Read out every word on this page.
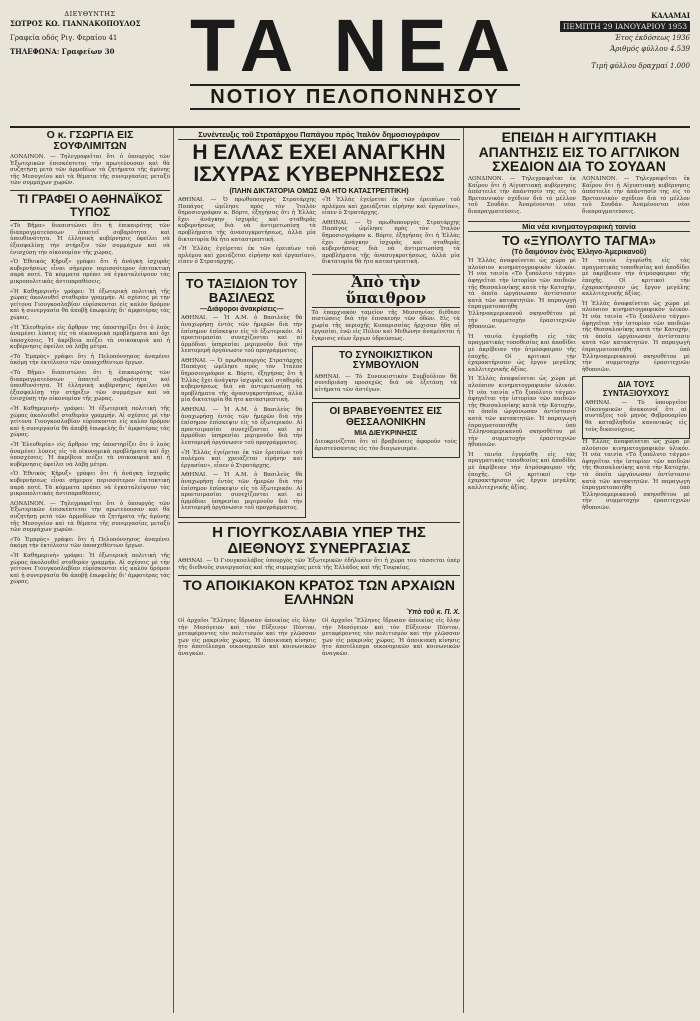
ΔΙΕΥΘΥΝΤΗΣ
ΣΩΤΡΟΣ ΚΩ. ΓΙΑΝΝΑΚΟΠΟΥΛΟΣ
Γραφεία οδός Ριγ. Φεραίου 41
ΤΗΛΕΦΩΝΑ: Γραφείων 30	ΤΑ ΝΕΑ
ΝΟΤΙΟΥ ΠΕΛΟΠΟΝΝΗΣΟΥ
ΚΑΛΑΜΑΙ
ΠΕΜΠΤΗ 29 ΙΑΝΟΥΑΡΙΟΥ 1953
Έτος έκδόσεως 1936
Άριθμός φύλλου 4.539
Τιμή φύλλου δραχμαί 1.000
Ο κ. ΓΣΩΡΓΙΑ ΕΙΣ ΣΟΥΦΛΙΜΙΤΩΝ

ΛΟΝΔΙΝΟΝ. — Τηλεγραφεῖται ὅτι ὁ ὑπουργὸς τῶν Ἐξωτερικῶν ἐπισκέπτεται τὴν πρωτεύουσαν καὶ θὰ συζητήσῃ μετὰ τῶν ἁρμοδίων τὰ ζητήματα τῆς ἀμύνης τῆς Μεσογείου καὶ τὰ θέματα τῆς συνεργασίας μεταξὺ τῶν συμμάχων χωρῶν.

ΤΙ ΓΡΑΦΕΙ Ο ΑΘΗΝΑΪΚΟΣ ΤΥΠΟΣ

«Τὸ Βῆμα» διαπιστώνει ὅτι ἡ ἐπικαιρότης τῶν διαπραγματεύσεων ἀπαιτεῖ σοβαρότητα καὶ ὑπευθυνότητα. Ἡ ἑλληνικὴ κυβέρνησις ὀφείλει νὰ ἐξασφαλίσῃ τὴν στήριξιν τῶν συμμάχων καὶ νὰ ἐνισχύσῃ τὴν οἰκονομίαν τῆς χώρας.

«Ὁ Ἐθνικὸς Κῆρυξ» γράφει ὅτι ἡ ἀνάγκη ἰσχυρᾶς κυβερνήσεως εἶναι σήμερον περισσότερον ἐπιτακτικὴ παρὰ ποτέ. Τὰ κόμματα πρέπει νὰ ἐγκαταλείψουν τὰς μικροπολιτικὰς ἀντιπαραθέσεις.

«Ἡ Καθημερινὴ» γράφει: Ἡ ἐξωτερικὴ πολιτικὴ τῆς χώρας ἀκολουθεῖ σταθερὰν γραμμήν. Αἱ σχέσεις μὲ τὴν γείτονα Γιουγκοσλαβίαν εὑρίσκονται εἰς καλὸν δρόμον καὶ ἡ συνεργασία θὰ ἀποβῇ ἐπωφελὴς δι' ἀμφοτέρας τὰς χώρας.

«Ἡ Ἐλευθερία» εἰς ἄρθρον της ὑποστηρίζει ὅτι ὁ λαὸς ἀναμένει λύσεις εἰς τὰ οἰκονομικὰ προβλήματα καὶ ὄχι ὑποσχέσεις. Ἡ ἀκρίβεια πιέζει τὰ νοικοκυριὰ καὶ ἡ κυβέρνησις ὀφείλει νὰ λάβῃ μέτρα.

«Τὸ Ἐμπρὸς» γράφει ὅτι ἡ Πελοπόννησος ἀναμένει ἀκόμη τὴν ἐκτέλεσιν τῶν ὑποσχεθέντων ἔργων.

«Τὸ Βῆμα» διαπιστώνει ὅτι ἡ ἐπικαιρότης τῶν διαπραγματεύσεων ἀπαιτεῖ σοβαρότητα καὶ ὑπευθυνότητα. Ἡ ἑλληνικὴ κυβέρνησις ὀφείλει νὰ ἐξασφαλίσῃ τὴν στήριξιν τῶν συμμάχων καὶ νὰ ἐνισχύσῃ τὴν οἰκονομίαν τῆς χώρας.

«Ἡ Καθημερινὴ» γράφει: Ἡ ἐξωτερικὴ πολιτικὴ τῆς χώρας ἀκολουθεῖ σταθερὰν γραμμήν. Αἱ σχέσεις μὲ τὴν γείτονα Γιουγκοσλαβίαν εὑρίσκονται εἰς καλὸν δρόμον καὶ ἡ συνεργασία θὰ ἀποβῇ ἐπωφελὴς δι' ἀμφοτέρας τὰς χώρας.

«Ἡ Ἐλευθερία» εἰς ἄρθρον της ὑποστηρίζει ὅτι ὁ λαὸς ἀναμένει λύσεις εἰς τὰ οἰκονομικὰ προβλήματα καὶ ὄχι ὑποσχέσεις. Ἡ ἀκρίβεια πιέζει τὰ νοικοκυριὰ καὶ ἡ κυβέρνησις ὀφείλει νὰ λάβῃ μέτρα.

«Ὁ Ἐθνικὸς Κῆρυξ» γράφει ὅτι ἡ ἀνάγκη ἰσχυρᾶς κυβερνήσεως εἶναι σήμερον περισσότερον ἐπιτακτικὴ παρὰ ποτέ. Τὰ κόμματα πρέπει νὰ ἐγκαταλείψουν τὰς μικροπολιτικὰς ἀντιπαραθέσεις.

ΛΟΝΔΙΝΟΝ. — Τηλεγραφεῖται ὅτι ὁ ὑπουργὸς τῶν Ἐξωτερικῶν ἐπισκέπτεται τὴν πρωτεύουσαν καὶ θὰ συζητήσῃ μετὰ τῶν ἁρμοδίων τὰ ζητήματα τῆς ἀμύνης τῆς Μεσογείου καὶ τὰ θέματα τῆς συνεργασίας μεταξὺ τῶν συμμάχων χωρῶν.

«Τὸ Ἐμπρὸς» γράφει ὅτι ἡ Πελοπόννησος ἀναμένει ἀκόμη τὴν ἐκτέλεσιν τῶν ὑποσχεθέντων ἔργων.

«Ἡ Καθημερινὴ» γράφει: Ἡ ἐξωτερικὴ πολιτικὴ τῆς χώρας ἀκολουθεῖ σταθερὰν γραμμήν. Αἱ σχέσεις μὲ τὴν γείτονα Γιουγκοσλαβίαν εὑρίσκονται εἰς καλὸν δρόμον καὶ ἡ συνεργασία θὰ ἀποβῇ ἐπωφελὴς δι' ἀμφοτέρας τὰς χώρας.

Συνέντευξις τοῦ Στρατάρχου Παπάγου πρὸς Ἰταλὸν δημοσιογράφον
Η ΕΛΛΑΣ ΕΧΕΙ ΑΝΑΓΚΗΝ ΙΣΧΥΡΑΣ ΚΥΒΕΡΝΗΣΕΩΣ
(ΠΛΗΝ ΔΙΚΤΑΤΟΡΙΑ ΟΜΩΣ ΘΑ ΗΤΟ ΚΑΤΑΣΤΡΕΠΤΙΚΗ)

ΑΘΗΝΑΙ. — Ὁ πρωθυπουργὸς Στρατάρχης Παπάγος ὡμίλησε πρὸς τὸν Ἰταλὸν δημοσιογράφον κ. Βόρτε, ἐξηγήσας ὅτι ἡ Ἑλλὰς ἔχει ἀνάγκην ἰσχυρᾶς καὶ σταθερᾶς κυβερνήσεως διὰ νὰ ἀντιμετωπίσῃ τὰ προβλήματα τῆς ἀνασυγκροτήσεως, ἀλλὰ μία δικτατορία θὰ ἦτο καταστρεπτική.

«Ἡ Ἑλλὰς ἐγείρεται ἐκ τῶν ἐρειπίων τοῦ πολέμου καὶ χρειάζεται εἰρήνην καὶ ἐργασίαν», εἶπεν ὁ Στρατάρχης.

«Ἡ Ἑλλὰς ἐγείρεται ἐκ τῶν ἐρειπίων τοῦ πολέμου καὶ χρειάζεται εἰρήνην καὶ ἐργασίαν», εἶπεν ὁ Στρατάρχης.

ΑΘΗΝΑΙ. — Ὁ πρωθυπουργὸς Στρατάρχης Παπάγος ὡμίλησε πρὸς τὸν Ἰταλὸν δημοσιογράφον κ. Βόρτε, ἐξηγήσας ὅτι ἡ Ἑλλὰς ἔχει ἀνάγκην ἰσχυρᾶς καὶ σταθερᾶς κυβερνήσεως διὰ νὰ ἀντιμετωπίσῃ τὰ προβλήματα τῆς ἀνασυγκροτήσεως, ἀλλὰ μία δικτατορία θὰ ἦτο καταστρεπτική.

ΤΟ ΤΑΞΙΔΙΟΝ ΤΟΥ ΒΑΣΙΛΕΩΣ
—Διάφοροι ἀνακρίσεις—

ΑΘΗΝΑΙ. — Ἡ Α.Μ. ὁ Βασιλεὺς θὰ ἀναχωρήσῃ ἐντὸς τῶν ἡμερῶν διὰ τὴν ἐπίσημον ἐπίσκεψιν εἰς τὸ ἐξωτερικόν. Αἱ προετοιμασίαι συνεχίζονται καὶ αἱ ἀρμόδιαι ὑπηρεσίαι μεριμνοῦν διὰ τὴν λεπτομερῆ ὀργάνωσιν τοῦ προγράμματος.

ΑΘΗΝΑΙ. — Ὁ πρωθυπουργὸς Στρατάρχης Παπάγος ὡμίλησε πρὸς τὸν Ἰταλὸν δημοσιογράφον κ. Βόρτε, ἐξηγήσας ὅτι ἡ Ἑλλὰς ἔχει ἀνάγκην ἰσχυρᾶς καὶ σταθερᾶς κυβερνήσεως διὰ νὰ ἀντιμετωπίσῃ τὰ προβλήματα τῆς ἀνασυγκροτήσεως, ἀλλὰ μία δικτατορία θὰ ἦτο καταστρεπτική.

ΑΘΗΝΑΙ. — Ἡ Α.Μ. ὁ Βασιλεὺς θὰ ἀναχωρήσῃ ἐντὸς τῶν ἡμερῶν διὰ τὴν ἐπίσημον ἐπίσκεψιν εἰς τὸ ἐξωτερικόν. Αἱ προετοιμασίαι συνεχίζονται καὶ αἱ ἀρμόδιαι ὑπηρεσίαι μεριμνοῦν διὰ τὴν λεπτομερῆ ὀργάνωσιν τοῦ προγράμματος.

«Ἡ Ἑλλὰς ἐγείρεται ἐκ τῶν ἐρειπίων τοῦ πολέμου καὶ χρειάζεται εἰρήνην καὶ ἐργασίαν», εἶπεν ὁ Στρατάρχης.

ΑΘΗΝΑΙ. — Ἡ Α.Μ. ὁ Βασιλεὺς θὰ ἀναχωρήσῃ ἐντὸς τῶν ἡμερῶν διὰ τὴν ἐπίσημον ἐπίσκεψιν εἰς τὸ ἐξωτερικόν. Αἱ προετοιμασίαι συνεχίζονται καὶ αἱ ἀρμόδιαι ὑπηρεσίαι μεριμνοῦν διὰ τὴν λεπτομερῆ ὀργάνωσιν τοῦ προγράμματος.

Ἀπὸ τὴν ὕπαιθρον

Τὸ ἐπαρχιακὸν ταμεῖον τῆς Μεσσηνίας διέθεσε πιστώσεις διὰ τὴν ἐπισκευὴν τῶν ὁδῶν. Εἰς τὰ χωρία τῆς περιοχῆς Κυπαρισσίας ἤρχισαν ἤδη αἱ ἐργασίαι, ἐνῶ εἰς Πύλον καὶ Μεθώνην ἀναμένεται ἡ ἔγκρισις νέων ἔργων ὑδρεύσεως.

ΤΟ ΣΥΝΟΙΚΙΣΤΙΚΟΝ ΣΥΜΒΟΥΛΙΟΝ

ΑΘΗΝΑΙ. — Τὸ Συνοικιστικὸν Συμβούλιον θὰ συνεδριάσῃ προσεχῶς διὰ νὰ ἐξετάσῃ τὰ αἰτήματα τῶν ἀστέγων.

ΟΙ ΒΡΑΒΕΥΘΕΝΤΕΣ ΕΙΣ ΘΕΣΣΑΛΟΝΙΚΗΝ
ΜΙΑ ΔΙΕΥΚΡΙΝΗΣΙΣ

Διευκρινίζεται ὅτι αἱ βραβεύσεις ἀφοροῦν τοὺς ἀριστεύσαντας εἰς τὸν διαγωνισμόν.

Η ΓΙΟΥΓΚΟΣΛΑΒΙΑ ΥΠΕΡ ΤΗΣ ΔΙΕΘΝΟΥΣ ΣΥΝΕΡΓΑΣΙΑΣ

ΑΘΗΝΑΙ. — Ὁ Γιουγκοσλάβος ὑπουργὸς τῶν Ἐξωτερικῶν ἐδήλωσεν ὅτι ἡ χώρα του τάσσεται ὑπὲρ τῆς διεθνοῦς συνεργασίας καὶ τῆς συμμαχίας μετὰ τῆς Ἑλλάδος καὶ τῆς Τουρκίας.

ΤΟ ΑΠΟΙΚΙΑΚΟΝ ΚΡΑΤΟΣ ΤΩΝ ΑΡΧΑΙΩΝ ΕΛΛΗΝΩΝ
Ὑπὸ τοῦ κ. Π. Χ.

Οἱ ἀρχαῖοι Ἕλληνες ἵδρυσαν ἀποικίας εἰς ὅλην τὴν Μεσόγειον καὶ τὸν Εὔξεινον Πόντον, μεταφέροντες τὸν πολιτισμὸν καὶ τὴν γλῶσσαν των εἰς μακρινὰς χώρας. Ἡ ἀποικιακὴ κίνησις ἦτο ἀποτέλεσμα οἰκονομικῶν καὶ κοινωνικῶν ἀναγκῶν.

Οἱ ἀρχαῖοι Ἕλληνες ἵδρυσαν ἀποικίας εἰς ὅλην τὴν Μεσόγειον καὶ τὸν Εὔξεινον Πόντον, μεταφέροντες τὸν πολιτισμὸν καὶ τὴν γλῶσσαν των εἰς μακρινὰς χώρας. Ἡ ἀποικιακὴ κίνησις ἦτο ἀποτέλεσμα οἰκονομικῶν καὶ κοινωνικῶν ἀναγκῶν.

ΕΠΕΙΔΗ Η ΑΙΓΥΠΤΙΑΚΗ ΑΠΑΝΤΗΣΙΣ ΕΙΣ ΤΟ ΑΓΓΛΙΚΟΝ ΣΧΕΔΙΟΝ ΔΙΑ ΤΟ ΣΟΥΔΑΝ

ΛΟΝΔΙΝΟΝ. — Τηλεγραφεῖται ἐκ Καΐρου ὅτι ἡ Αἰγυπτιακὴ κυβέρνησις ἀπέστειλε τὴν ἀπάντησίν της εἰς τὸ Βρεταννικὸν σχέδιον διὰ τὸ μέλλον τοῦ Σουδάν. Ἀναμένονται νέαι διαπραγματεύσεις.

ΛΟΝΔΙΝΟΝ. — Τηλεγραφεῖται ἐκ Καΐρου ὅτι ἡ Αἰγυπτιακὴ κυβέρνησις ἀπέστειλε τὴν ἀπάντησίν της εἰς τὸ Βρεταννικὸν σχέδιον διὰ τὸ μέλλον τοῦ Σουδάν. Ἀναμένονται νέαι διαπραγματεύσεις.

Μία νέα κινηματογραφικὴ ταινία
ΤΟ «ΞΥΠΟΛΥΤΟ ΤΑΓΜΑ»
(Τὸ δαιμόνιον ἑνὸς Ἑλληνο-Ἀμερικανοῦ)

Ἡ Ἑλλὰς ἀναφαίνεται ὡς χώρα μὲ πλούσιον κινηματογραφικὸν ὑλικόν. Ἡ νέα ταινία «Τὸ ξυπόλυτο τάγμα» ἀφηγεῖται τὴν ἱστορίαν τῶν παιδιῶν τῆς Θεσσαλονίκης κατὰ τὴν Κατοχήν, τὰ ὁποῖα ὠργάνωσαν ἀντίστασιν κατὰ τῶν κατακτητῶν. Ἡ παραγωγὴ ἐπραγματοποιήθη ὑπὸ Ἑλληνοαμερικανοῦ σκηνοθέτου μὲ τὴν συμμετοχὴν ἐρασιτεχνῶν ἠθοποιῶν.

Ἡ ταινία ἐγυρίσθη εἰς τὰς πραγματικὰς τοποθεσίας καὶ ἀποδίδει μὲ ἀκρίβειαν τὴν ἀτμόσφαιραν τῆς ἐποχῆς. Οἱ κριτικοὶ τὴν ἐχαρακτήρισαν ὡς ἔργον μεγάλης καλλιτεχνικῆς ἀξίας.

Ἡ Ἑλλὰς ἀναφαίνεται ὡς χώρα μὲ πλούσιον κινηματογραφικὸν ὑλικόν. Ἡ νέα ταινία «Τὸ ξυπόλυτο τάγμα» ἀφηγεῖται τὴν ἱστορίαν τῶν παιδιῶν τῆς Θεσσαλονίκης κατὰ τὴν Κατοχήν, τὰ ὁποῖα ὠργάνωσαν ἀντίστασιν κατὰ τῶν κατακτητῶν. Ἡ παραγωγὴ ἐπραγματοποιήθη ὑπὸ Ἑλληνοαμερικανοῦ σκηνοθέτου μὲ τὴν συμμετοχὴν ἐρασιτεχνῶν ἠθοποιῶν.

Ἡ ταινία ἐγυρίσθη εἰς τὰς πραγματικὰς τοποθεσίας καὶ ἀποδίδει μὲ ἀκρίβειαν τὴν ἀτμόσφαιραν τῆς ἐποχῆς. Οἱ κριτικοὶ τὴν ἐχαρακτήρισαν ὡς ἔργον μεγάλης καλλιτεχνικῆς ἀξίας.

Ἡ ταινία ἐγυρίσθη εἰς τὰς πραγματικὰς τοποθεσίας καὶ ἀποδίδει μὲ ἀκρίβειαν τὴν ἀτμόσφαιραν τῆς ἐποχῆς. Οἱ κριτικοὶ τὴν ἐχαρακτήρισαν ὡς ἔργον μεγάλης καλλιτεχνικῆς ἀξίας.

Ἡ Ἑλλὰς ἀναφαίνεται ὡς χώρα μὲ πλούσιον κινηματογραφικὸν ὑλικόν. Ἡ νέα ταινία «Τὸ ξυπόλυτο τάγμα» ἀφηγεῖται τὴν ἱστορίαν τῶν παιδιῶν τῆς Θεσσαλονίκης κατὰ τὴν Κατοχήν, τὰ ὁποῖα ὠργάνωσαν ἀντίστασιν κατὰ τῶν κατακτητῶν. Ἡ παραγωγὴ ἐπραγματοποιήθη ὑπὸ Ἑλληνοαμερικανοῦ σκηνοθέτου μὲ τὴν συμμετοχὴν ἐρασιτεχνῶν ἠθοποιῶν.

ΔΙΑ ΤΟΥΣ ΣΥΝΤΑΞΙΟΥΧΟΥΣ

ΑΘΗΝΑΙ. — Τὸ ὑπουργεῖον Οἰκονομικῶν ἀνακοινοῖ ὅτι αἱ συντάξεις τοῦ μηνὸς Φεβρουαρίου θὰ καταβληθοῦν κανονικῶς εἰς τοὺς δικαιούχους.

Ἡ Ἑλλὰς ἀναφαίνεται ὡς χώρα μὲ πλούσιον κινηματογραφικὸν ὑλικόν. Ἡ νέα ταινία «Τὸ ξυπόλυτο τάγμα» ἀφηγεῖται τὴν ἱστορίαν τῶν παιδιῶν τῆς Θεσσαλονίκης κατὰ τὴν Κατοχήν, τὰ ὁποῖα ὠργάνωσαν ἀντίστασιν κατὰ τῶν κατακτητῶν. Ἡ παραγωγὴ ἐπραγματοποιήθη ὑπὸ Ἑλληνοαμερικανοῦ σκηνοθέτου μὲ τὴν συμμετοχὴν ἐρασιτεχνῶν ἠθοποιῶν.
